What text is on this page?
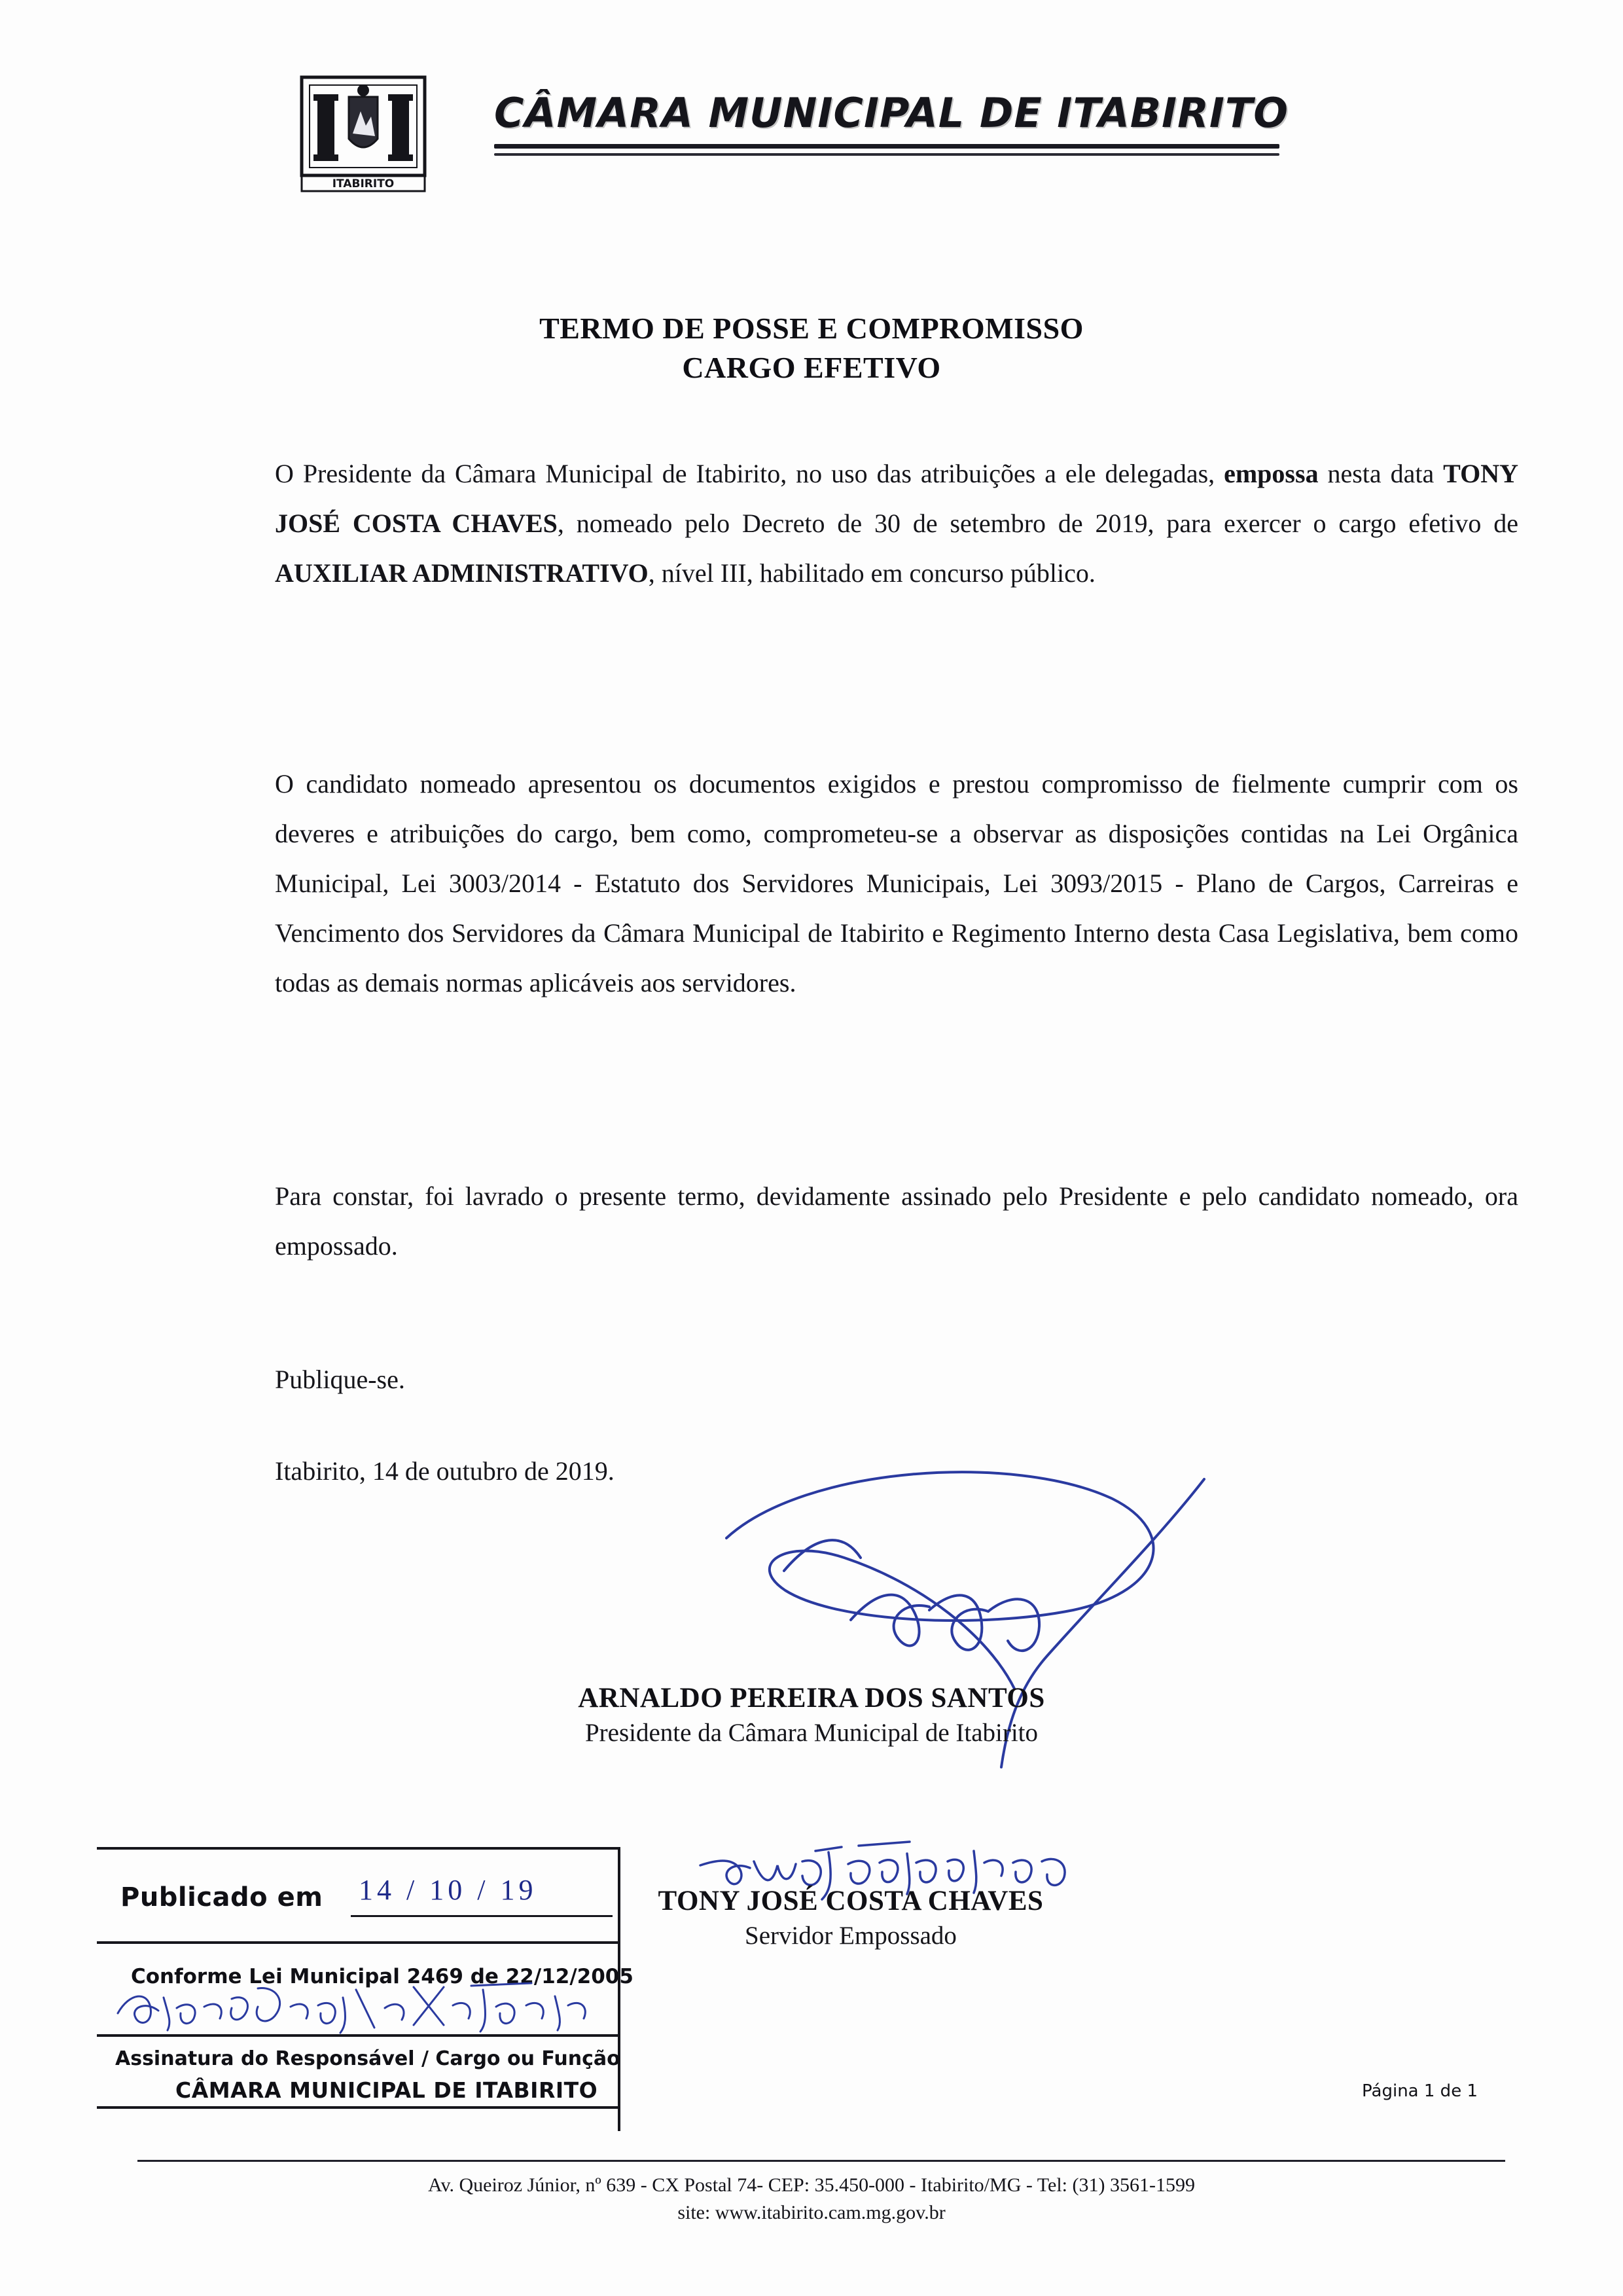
ITABIRITO
CÂMARA MUNICIPAL DE ITABIRITO
TERMO DE POSSE E COMPROMISSO
CARGO EFETIVO
O Presidente da Câmara Municipal de Itabirito, no uso das atribuições a ele delegadas, empossa nesta data TONY JOSÉ COSTA CHAVES, nomeado pelo Decreto de 30 de setembro de 2019, para exercer o cargo efetivo de AUXILIAR ADMINISTRATIVO, nível III, habilitado em concurso público.
O candidato nomeado apresentou os documentos exigidos e prestou compromisso de fielmente cumprir com os deveres e atribuições do cargo, bem como, comprometeu-se a observar as disposições contidas na Lei Orgânica Municipal, Lei 3003/2014 - Estatuto dos Servidores Municipais, Lei 3093/2015 - Plano de Cargos, Carreiras e Vencimento dos Servidores da Câmara Municipal de Itabirito e Regimento Interno desta Casa Legislativa, bem como todas as demais normas aplicáveis aos servidores.
Para constar, foi lavrado o presente termo, devidamente assinado pelo Presidente e pelo candidato nomeado, ora empossado.
Publique-se.
Itabirito, 14 de outubro de 2019.
ARNALDO PEREIRA DOS SANTOS
Presidente da Câmara Municipal de Itabirito
TONY JOSÉ COSTA CHAVES
Servidor Empossado
Publicado em 14 / 10 / 19
Conforme Lei Municipal 2469 de 22/12/2005
Assinatura do Responsável / Cargo ou Função
CÂMARA MUNICIPAL DE ITABIRITO	Página 1 de 1
Av. Queiroz Júnior, nº 639 - CX Postal 74- CEP: 35.450-000 - Itabirito/MG - Tel: (31) 3561-1599
site: www.itabirito.cam.mg.gov.br
